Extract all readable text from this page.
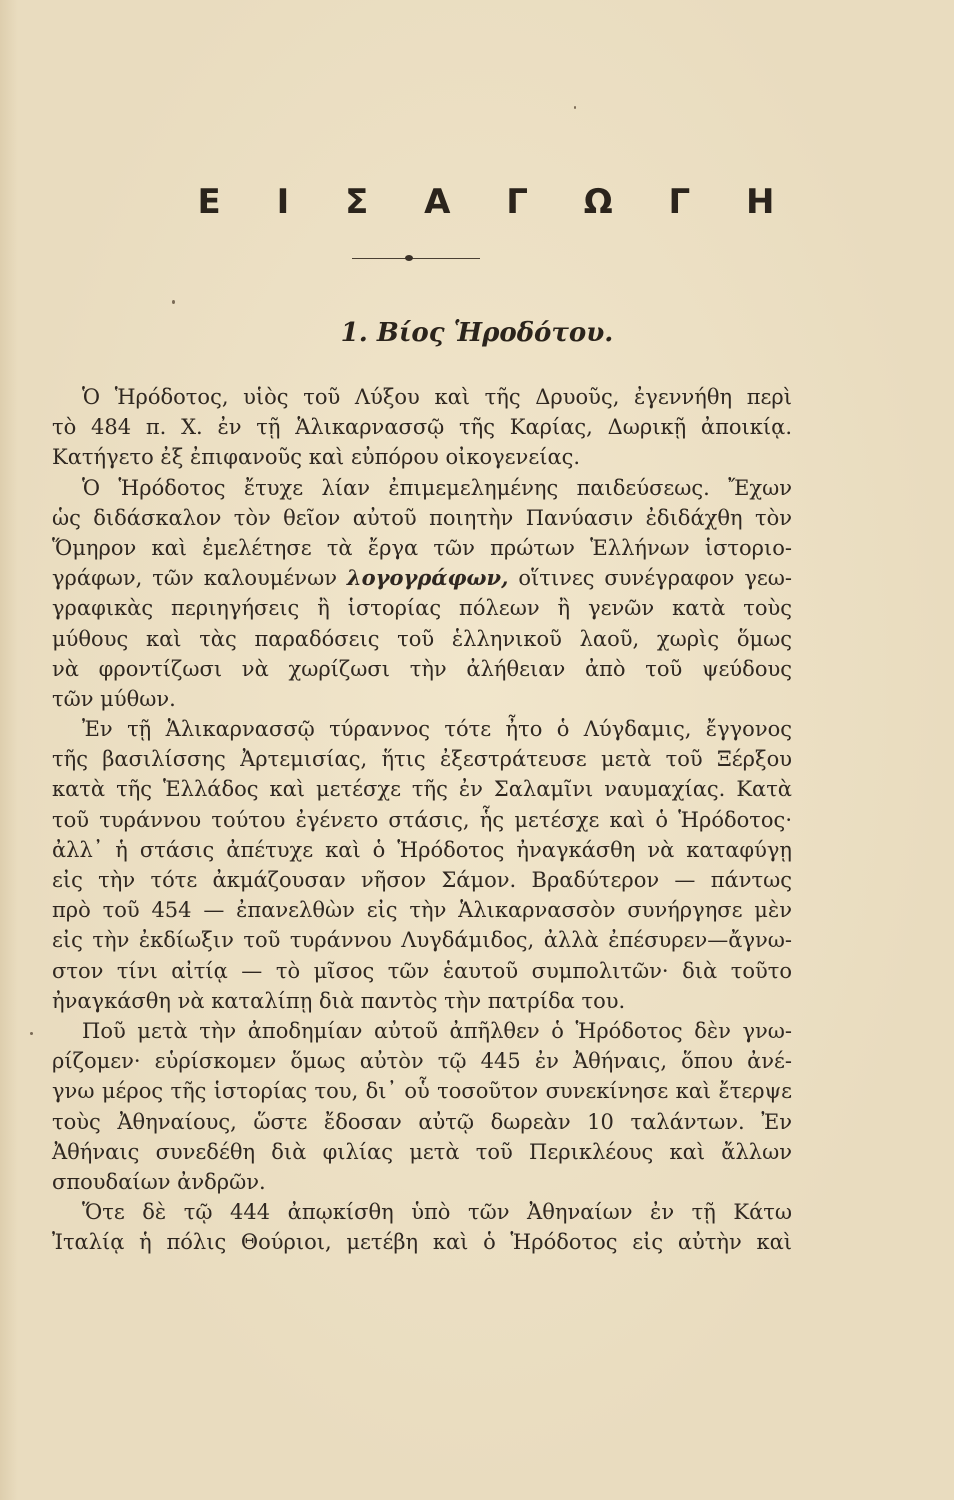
Ε Ι Σ Α Γ Ω Γ Η
1. Βίος Ἡροδότου.
Ὁ Ἡρόδοτος, υἱὸς τοῦ Λύξου καὶ τῆς Δρυοῦς, ἐγεννήθη περὶ
τὸ 484 π. Χ. ἐν τῇ Ἁλικαρνασσῷ τῆς Καρίας, Δωρικῇ ἀποικίᾳ.
Κατήγετο ἐξ ἐπιφανοῦς καὶ εὐπόρου οἰκογενείας.
Ὁ Ἡρόδοτος ἔτυχε λίαν ἐπιμεμελημένης παιδεύσεως. Ἔχων
ὡς διδάσκαλον τὸν θεῖον αὐτοῦ ποιητὴν Πανύασιν ἐδιδάχθη τὸν
Ὅμηρον καὶ ἐμελέτησε τὰ ἔργα τῶν πρώτων Ἑλλήνων ἱστοριο-
γράφων, τῶν καλουμένων λογογράφων, οἵτινες συνέγραφον γεω-
γραφικὰς περιηγήσεις ἢ ἱστορίας πόλεων ἢ γενῶν κατὰ τοὺς
μύθους καὶ τὰς παραδόσεις τοῦ ἑλληνικοῦ λαοῦ, χωρὶς ὅμως
νὰ φροντίζωσι νὰ χωρίζωσι τὴν ἀλήθειαν ἀπὸ τοῦ ψεύδους
τῶν μύθων.
Ἐν τῇ Ἁλικαρνασσῷ τύραννος τότε ἦτο ὁ Λύγδαμις, ἔγγονος
τῆς βασιλίσσης Ἀρτεμισίας, ἥτις ἐξεστράτευσε μετὰ τοῦ Ξέρξου
κατὰ τῆς Ἑλλάδος καὶ μετέσχε τῆς ἐν Σαλαμῖνι ναυμαχίας. Κατὰ
τοῦ τυράννου τούτου ἐγένετο στάσις, ἧς μετέσχε καὶ ὁ Ἡρόδοτος·
ἀλλ᾿ ἡ στάσις ἀπέτυχε καὶ ὁ Ἡρόδοτος ἠναγκάσθη νὰ καταφύγῃ
εἰς τὴν τότε ἀκμάζουσαν νῆσον Σάμον. Βραδύτερον — πάντως
πρὸ τοῦ 454 — ἐπανελθὼν εἰς τὴν Ἁλικαρνασσὸν συνήργησε μὲν
εἰς τὴν ἐκδίωξιν τοῦ τυράννου Λυγδάμιδος, ἀλλὰ ἐπέσυρεν—ἄγνω-
στον τίνι αἰτίᾳ — τὸ μῖσος τῶν ἑαυτοῦ συμπολιτῶν· διὰ τοῦτο
ἠναγκάσθη νὰ καταλίπῃ διὰ παντὸς τὴν πατρίδα του.
Ποῦ μετὰ τὴν ἀποδημίαν αὐτοῦ ἀπῆλθεν ὁ Ἡρόδοτος δὲν γνω-
ρίζομεν· εὑρίσκομεν ὅμως αὐτὸν τῷ 445 ἐν Ἀθήναις, ὅπου ἀνέ-
γνω μέρος τῆς ἱστορίας του, δι᾿ οὗ τοσοῦτον συνεκίνησε καὶ ἔτερψε
τοὺς Ἀθηναίους, ὥστε ἔδοσαν αὐτῷ δωρεὰν 10 ταλάντων. Ἐν
Ἀθήναις συνεδέθη διὰ φιλίας μετὰ τοῦ Περικλέους καὶ ἄλλων
σπουδαίων ἀνδρῶν.
Ὅτε δὲ τῷ 444 ἀπῳκίσθη ὑπὸ τῶν Ἀθηναίων ἐν τῇ Κάτω
Ἰταλίᾳ ἡ πόλις Θούριοι, μετέβη καὶ ὁ Ἡρόδοτος εἰς αὐτὴν καὶ
